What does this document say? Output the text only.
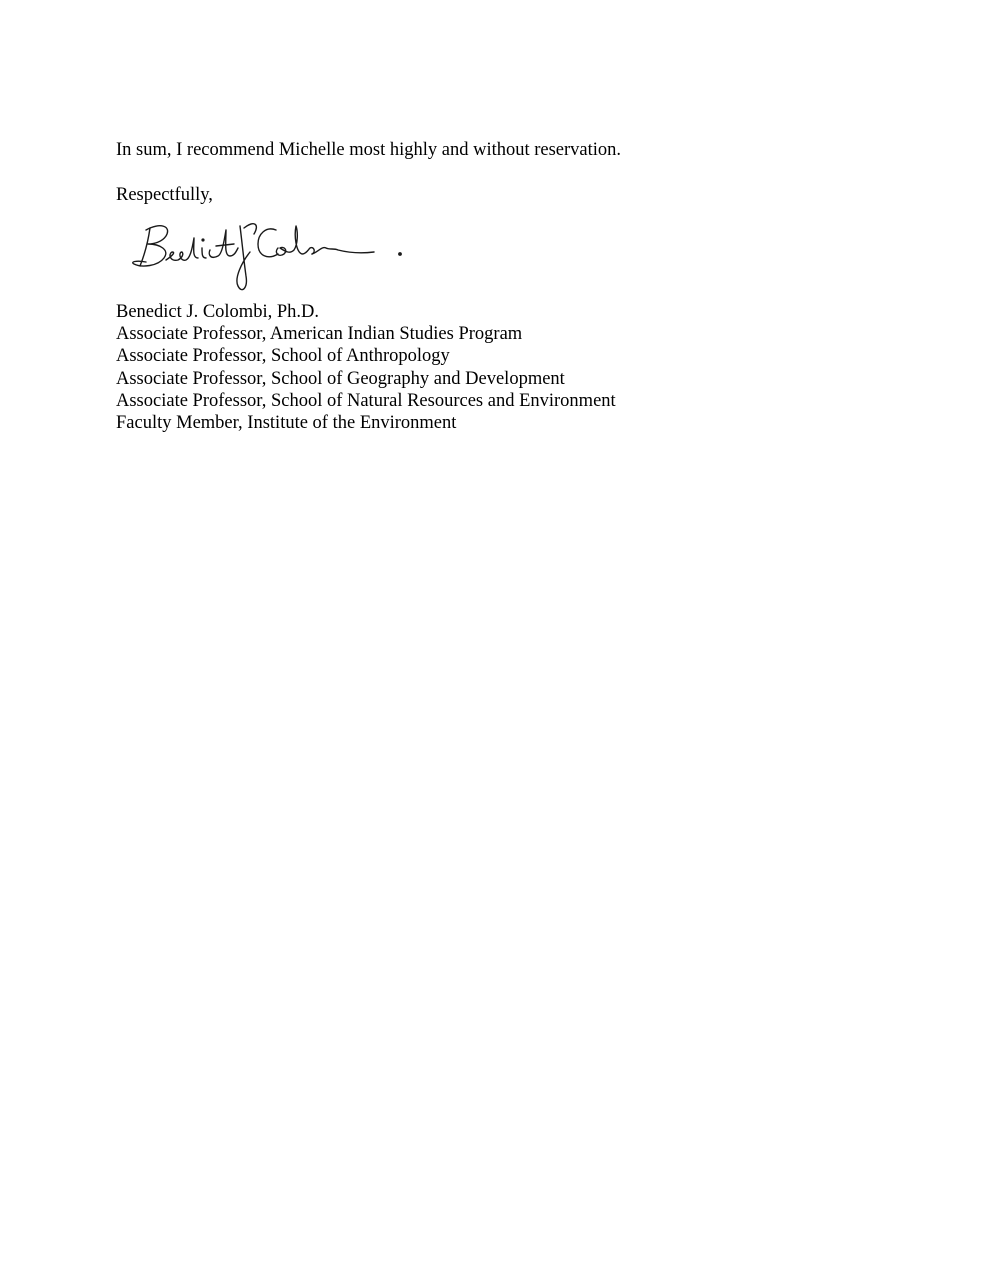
In sum, I recommend Michelle most highly and without reservation.
Respectfully,
Benedict J. Colombi, Ph.D.
Associate Professor, American Indian Studies Program
Associate Professor, School of Anthropology
Associate Professor, School of Geography and Development
Associate Professor, School of Natural Resources and Environment
Faculty Member, Institute of the Environment
